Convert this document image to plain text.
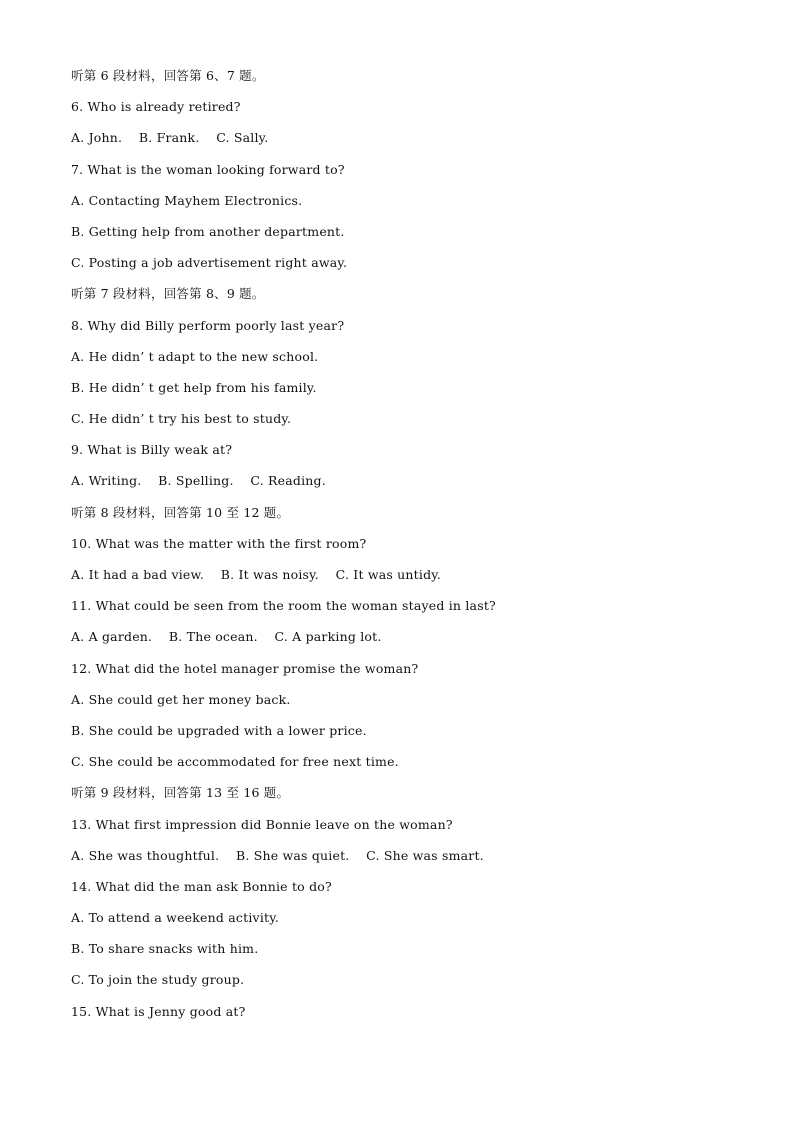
听第 6 段材料，回答第 6、7 题。
6. Who is already retired?
A. John.    B. Frank.    C. Sally.
7. What is the woman looking forward to?
A. Contacting Mayhem Electronics.
B. Getting help from another department.
C. Posting a job advertisement right away.
听第 7 段材料，回答第 8、9 题。
8. Why did Billy perform poorly last year?
A. He didn’ t adapt to the new school.
B. He didn’ t get help from his family.
C. He didn’ t try his best to study.
9. What is Billy weak at?
A. Writing.    B. Spelling.    C. Reading.
听第 8 段材料，回答第 10 至 12 题。
10. What was the matter with the first room?
A. It had a bad view.    B. It was noisy.    C. It was untidy.
11. What could be seen from the room the woman stayed in last?
A. A garden.    B. The ocean.    C. A parking lot.
12. What did the hotel manager promise the woman?
A. She could get her money back.
B. She could be upgraded with a lower price.
C. She could be accommodated for free next time.
听第 9 段材料，回答第 13 至 16 题。
13. What first impression did Bonnie leave on the woman?
A. She was thoughtful.    B. She was quiet.    C. She was smart.
14. What did the man ask Bonnie to do?
A. To attend a weekend activity.
B. To share snacks with him.
C. To join the study group.
15. What is Jenny good at?
